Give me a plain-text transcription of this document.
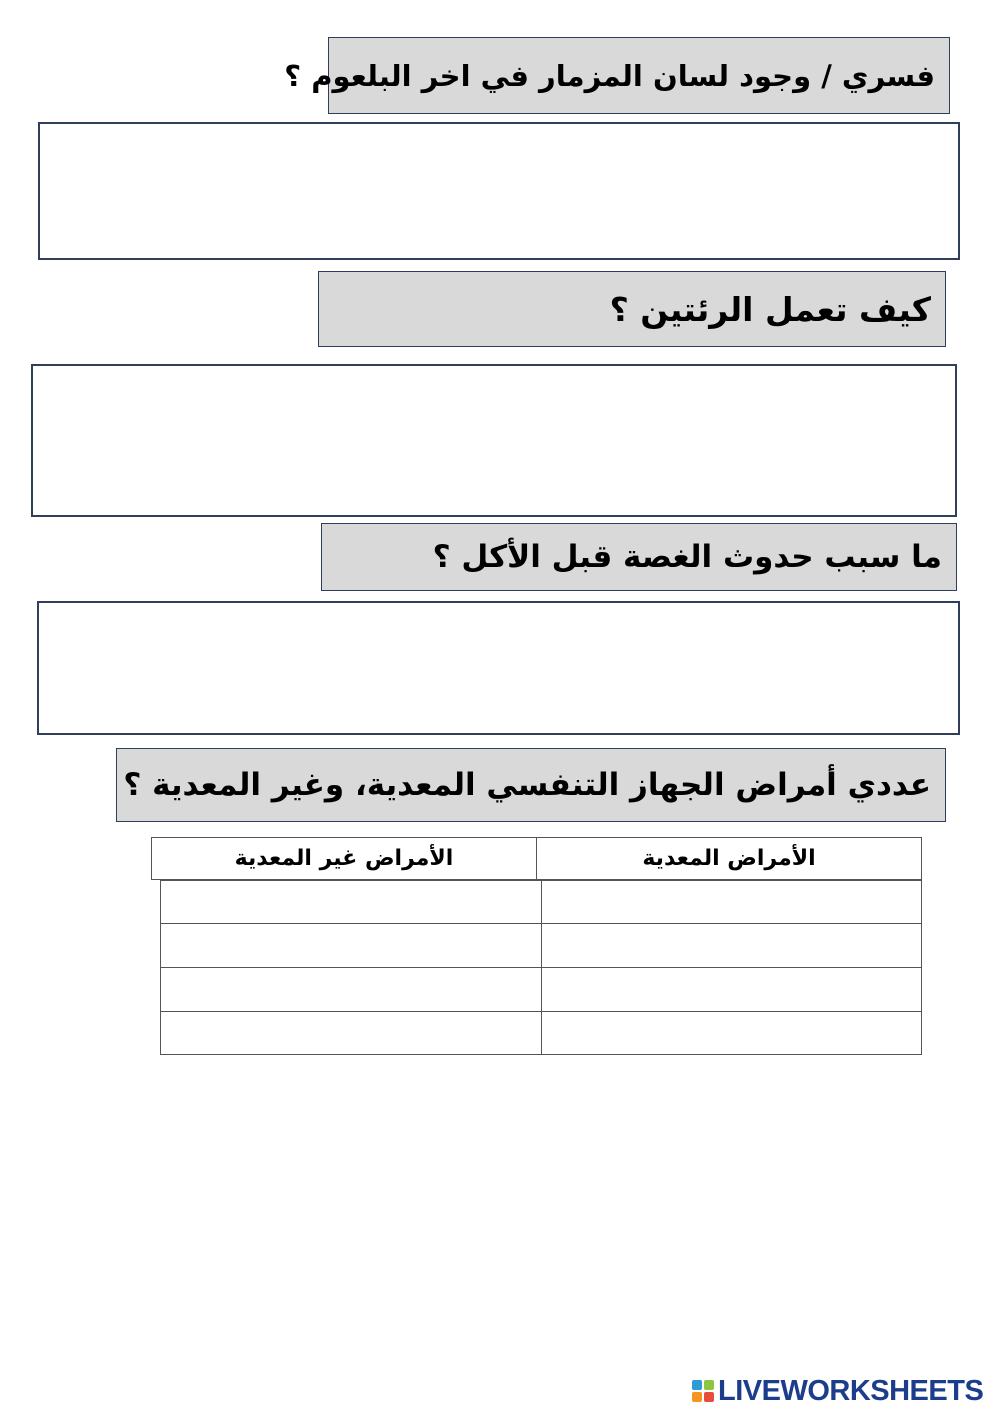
فسري / وجود لسان المزمار في اخر البلعوم ؟
كيف تعمل الرئتين ؟
ما سبب حدوث الغصة قبل الأكل ؟
عددي أمراض الجهاز التنفسي المعدية، وغير المعدية ؟
الأمراض المعدية
الأمراض غير المعدية
LIVEWORKSHEETS
